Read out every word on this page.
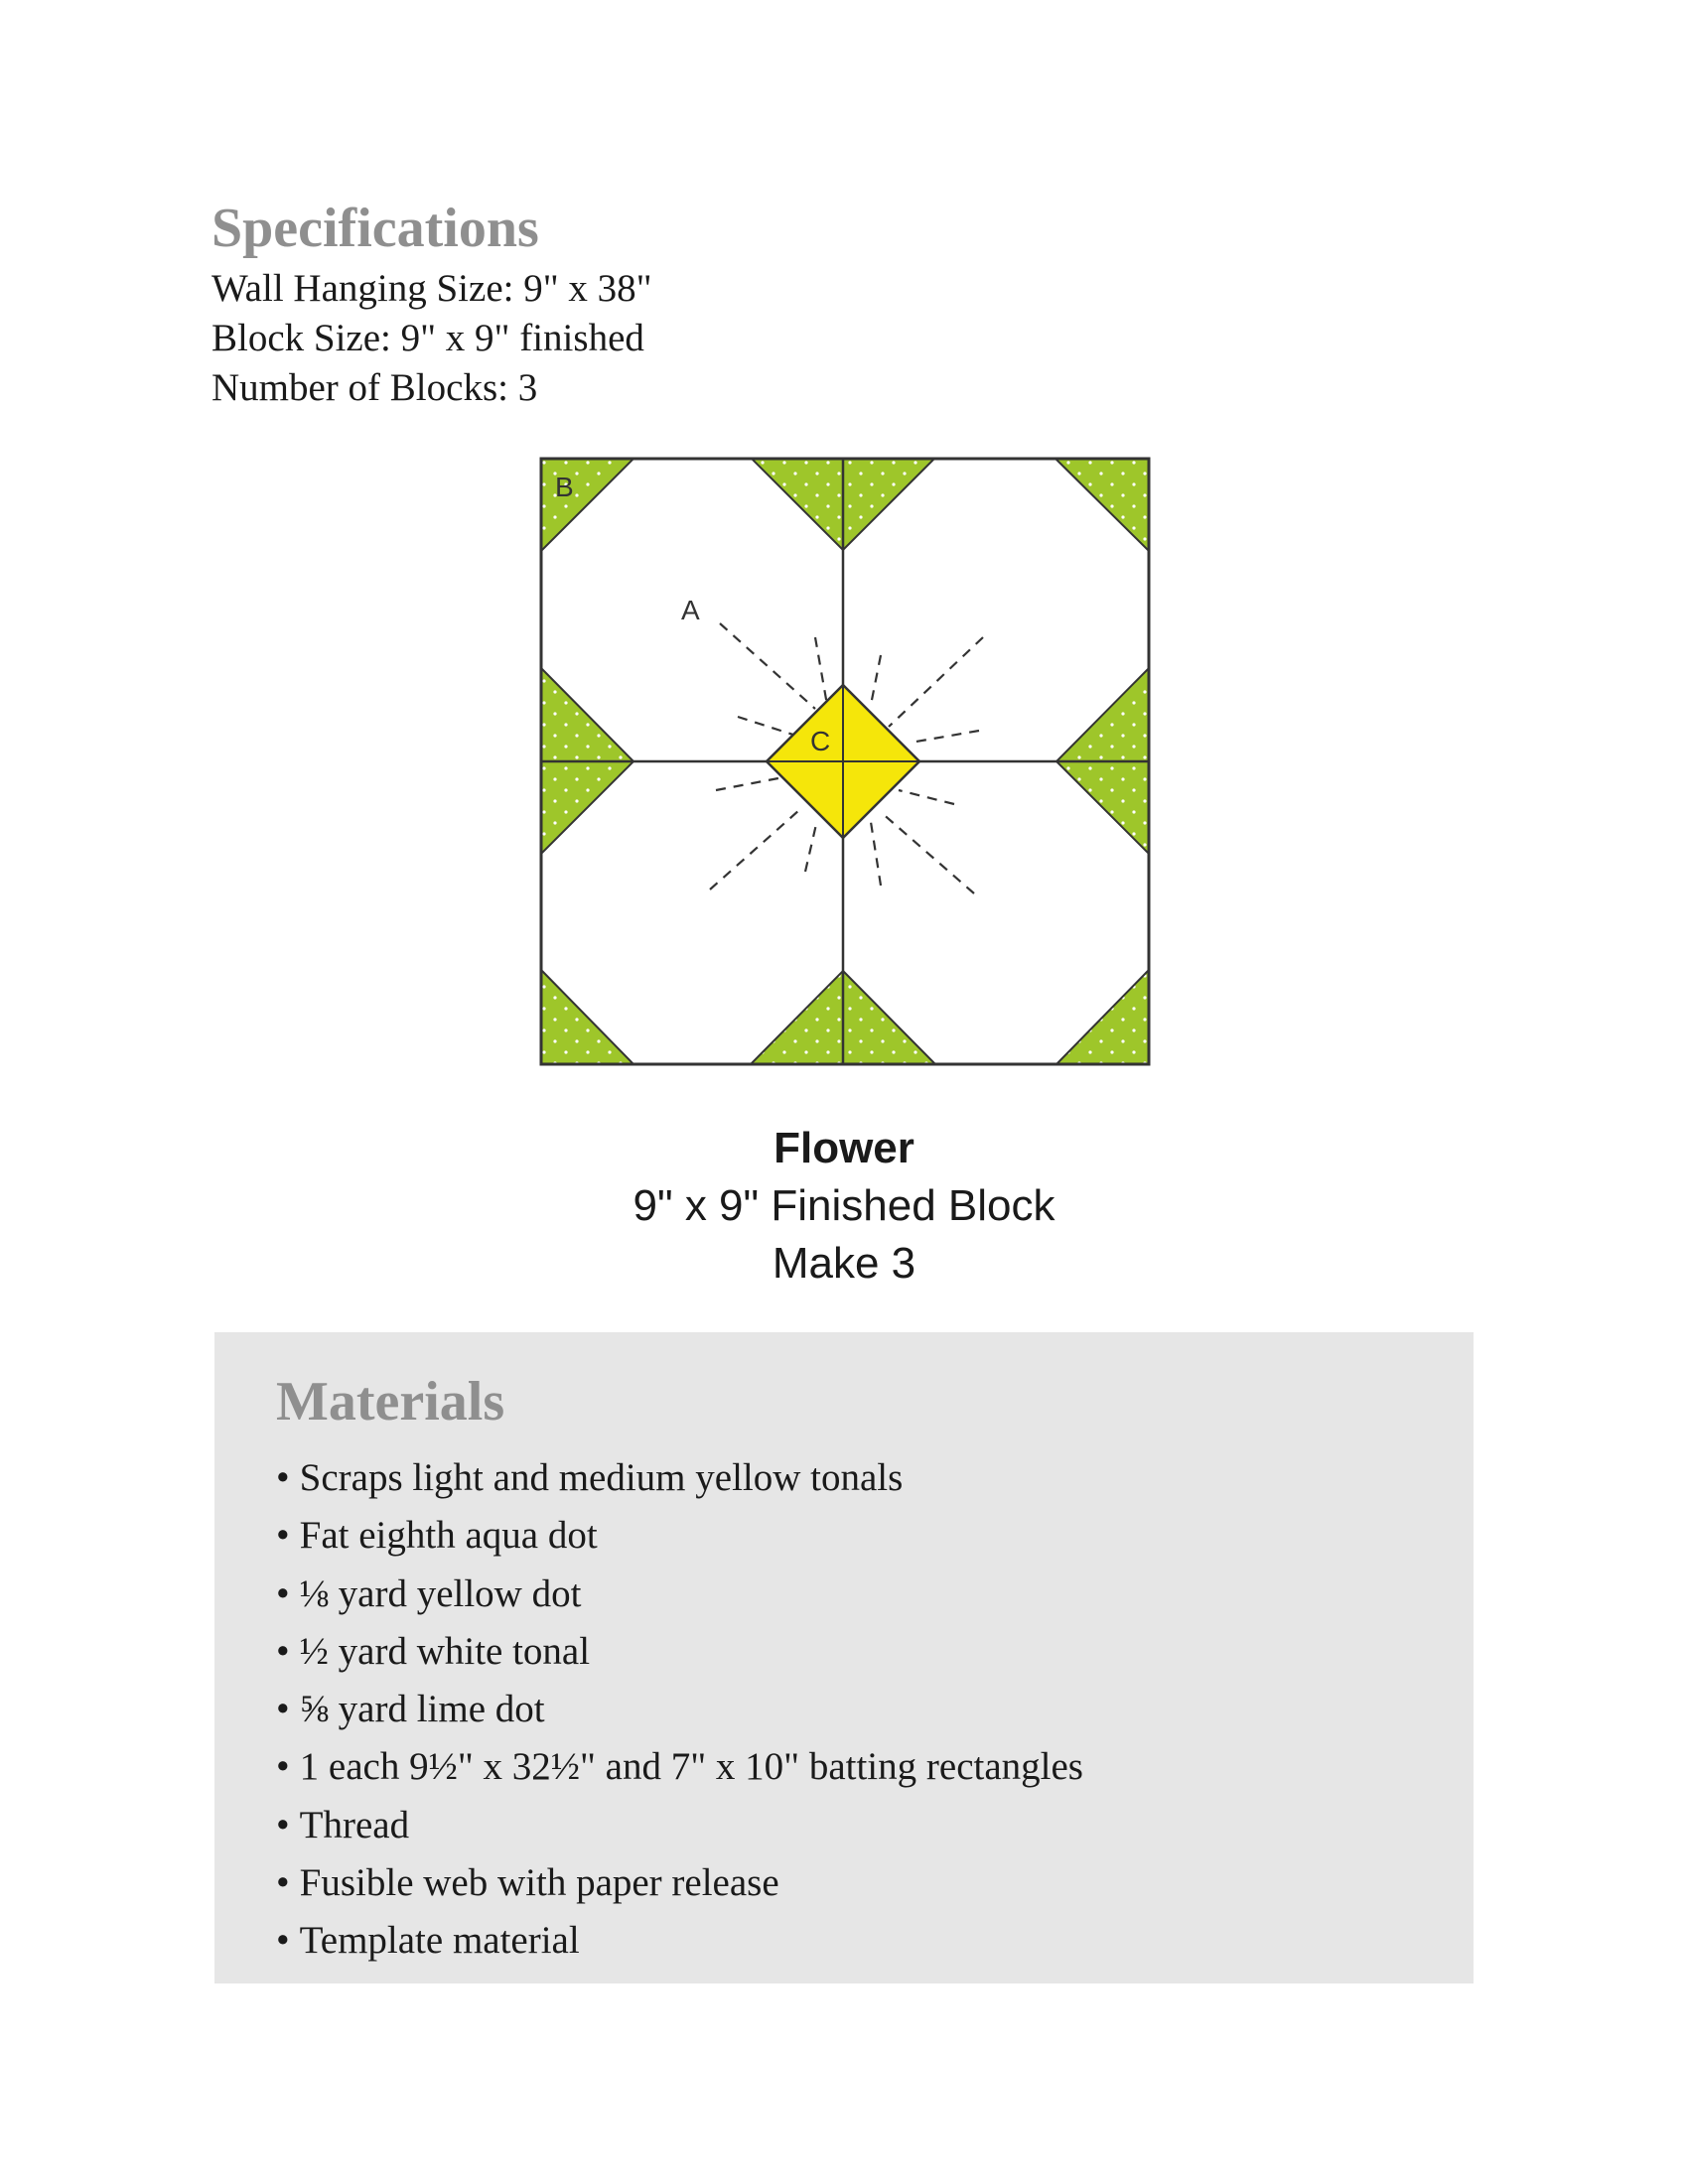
Specifications
Wall Hanging Size: 9" x 38"
Block Size: 9" x 9" finished
Number of Blocks: 3
B
A
C
Flower
9" x 9" Finished Block
Make 3
Materials
• Scraps light and medium yellow tonals
• Fat eighth aqua dot
• ⅛ yard yellow dot
• ½ yard white tonal
• ⅝ yard lime dot
• 1 each 9½" x 32½" and 7" x 10" batting rectangles
• Thread
• Fusible web with paper release
• Template material
